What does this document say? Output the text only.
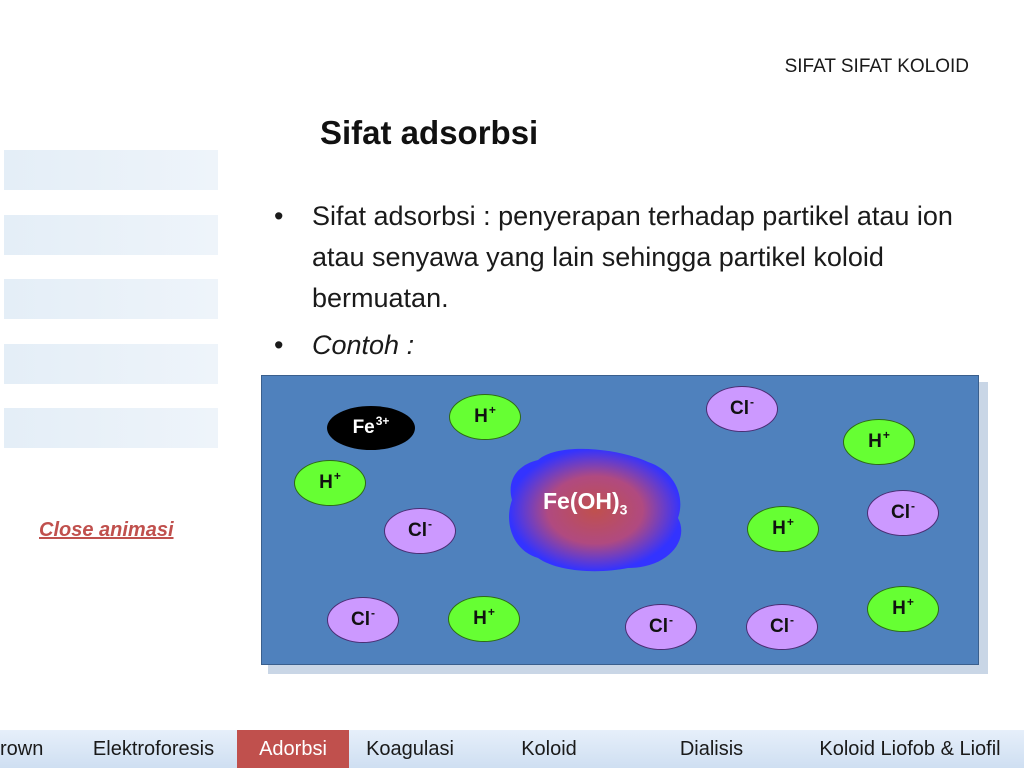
SIFAT SIFAT KOLOID
Sifat adsorbsi
Close animasi
• Sifat adsorbsi : penyerapan terhadap partikel atau ion atau senyawa yang lain sehingga partikel koloid bermuatan.
• Contoh :
$Fe(OH)_3$
$Fe^{3+}$	H+
H+
H+
H+
H+	H+
Cl-
Cl-
Cl-
Cl-
Cl-	Cl-
rown	Elektroforesis	Adorbsi	Koagulasi	Koloid	Dialisis	Koloid Liofob & Liofil
